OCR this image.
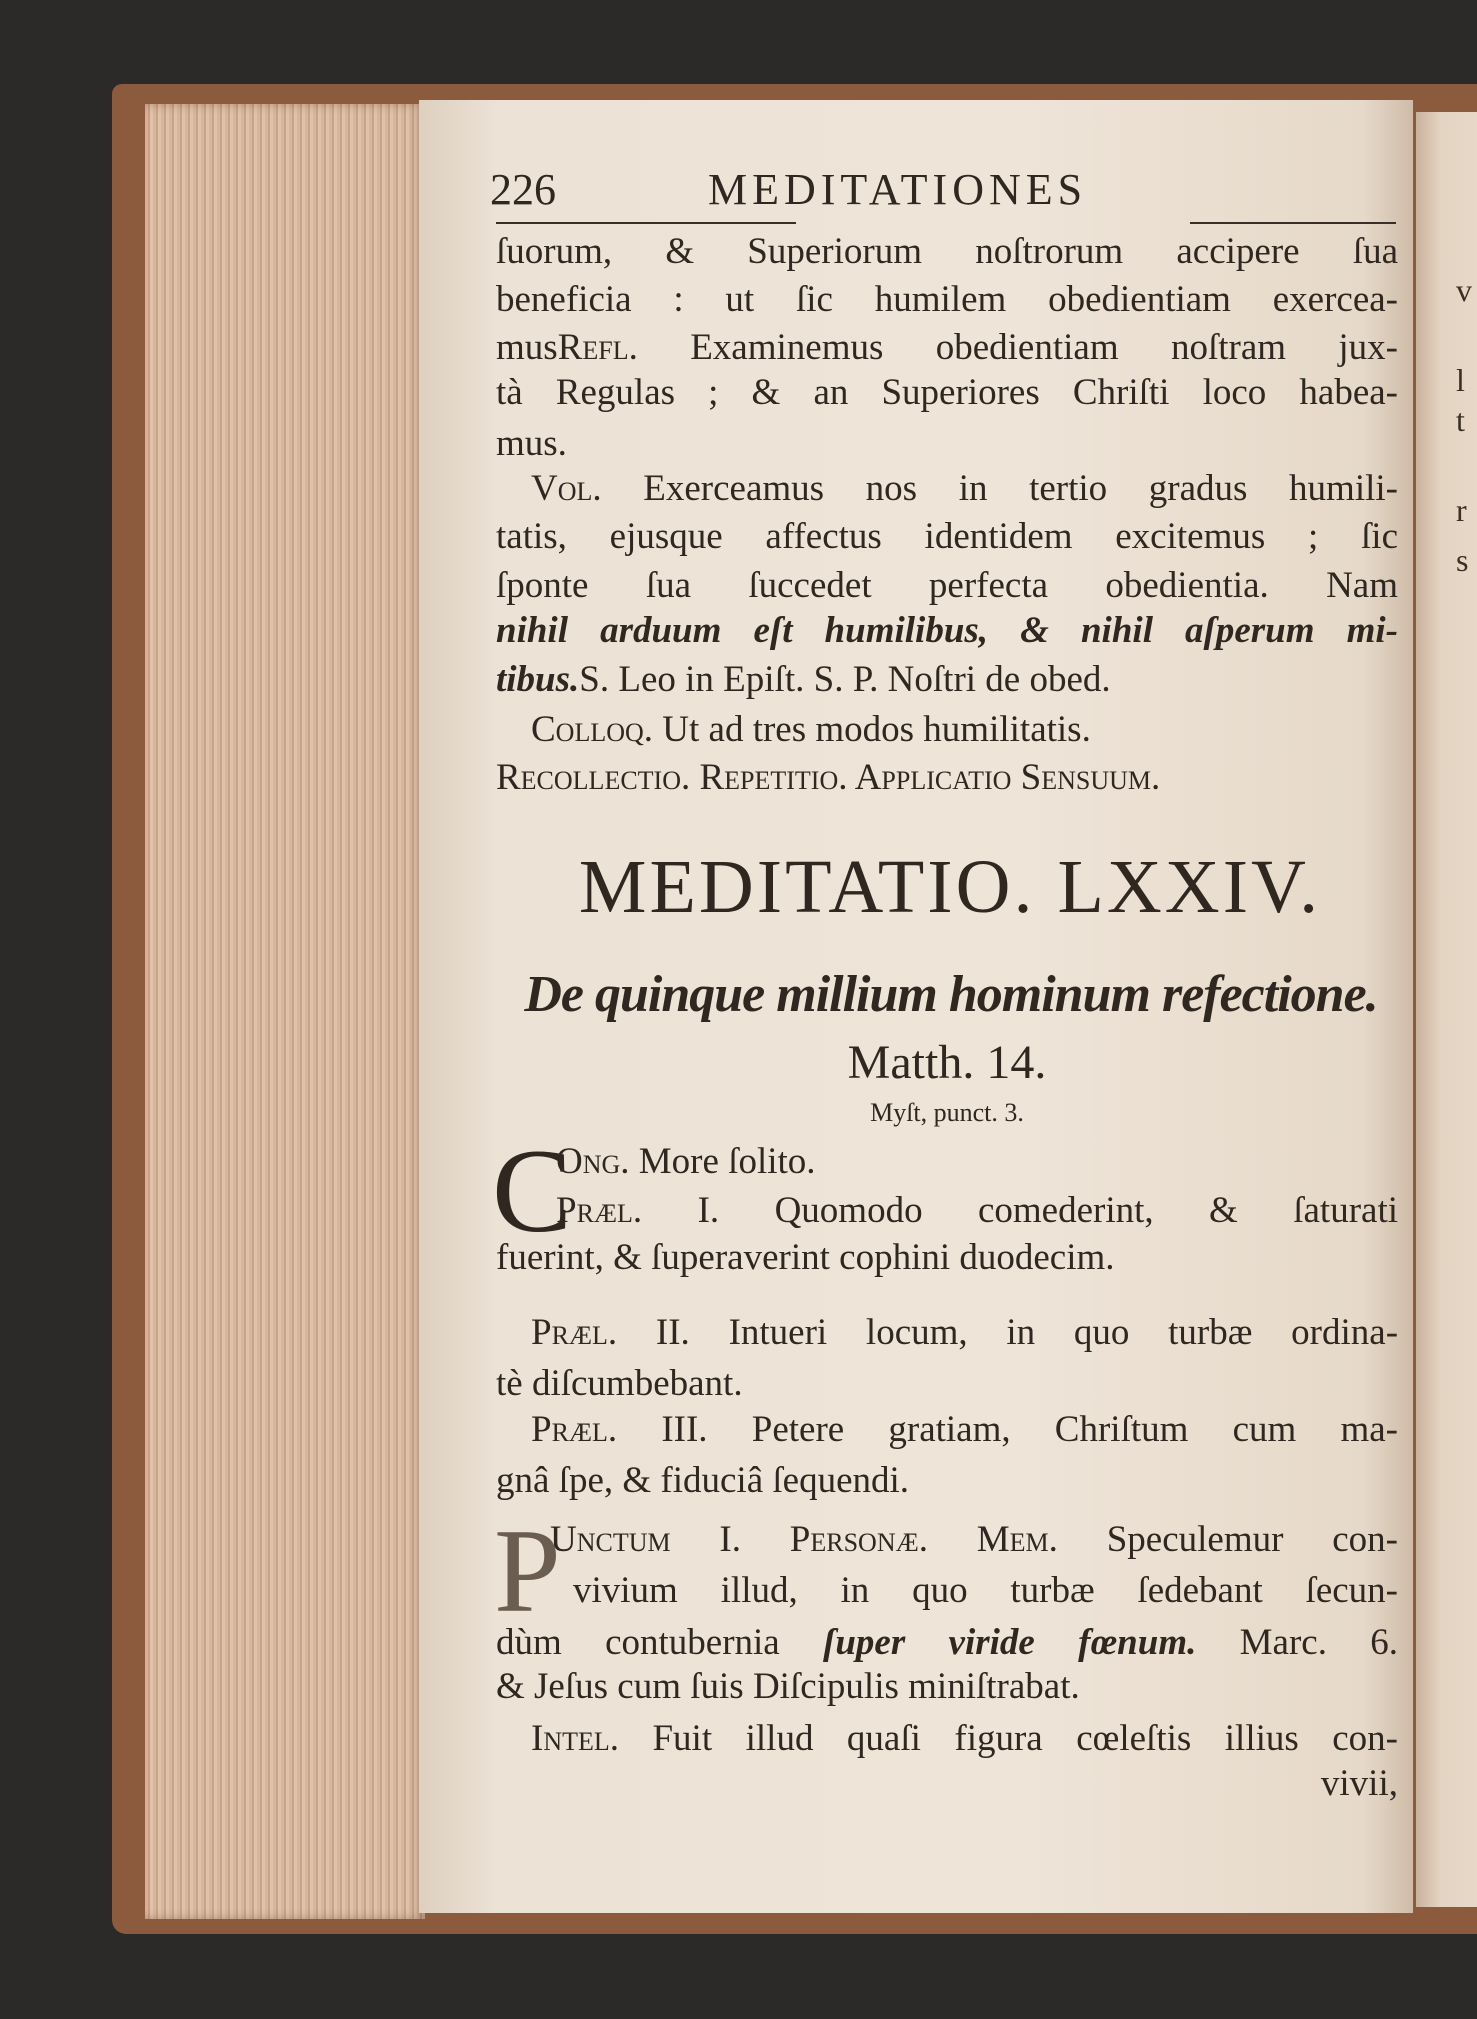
v
l
t
r
s
226	MEDITATIONES
ſuorum, & Superiorum noſtrorum accipere ſua
beneficia : ut ſic humilem obedientiam exercea-
musRefl. Examinemus obedientiam noſtram jux-
tà Regulas ; & an Superiores Chriſti loco habea-
mus.
Vol. Exerceamus nos in tertio gradus humili-
tatis, ejusque affectus identidem excitemus ; ſic
ſponte ſua ſuccedet perfecta obedientia. Nam
nihil arduum eſt humilibus, & nihil aſperum mi-
tibus.S. Leo in Epiſt. S. P. Noſtri de obed.
Colloq. Ut ad tres modos humilitatis.
Recollectio. Repetitio. Applicatio Sensuum.
MEDITATIO. LXXIV.
De quinque millium hominum refectione.
Matth. 14.
Myſt, punct. 3.
C
Ong. More ſolito.
Præl. I. Quomodo comederint, & ſaturati
fuerint, & ſuperaverint cophini duodecim.
Præl. II. Intueri locum, in quo turbæ ordina-
tè diſcumbebant.
Præl. III. Petere gratiam, Chriſtum cum ma-
gnâ ſpe, & fiduciâ ſequendi.
P
Unctum I. Personæ. Mem. Speculemur con-
vivium illud, in quo turbæ ſedebant ſecun-
dùm contubernia ſuper viride fœnum. Marc. 6.
& Jeſus cum ſuis Diſcipulis miniſtrabat.
Intel. Fuit illud quaſi figura cœleſtis illius con-
vivii,
